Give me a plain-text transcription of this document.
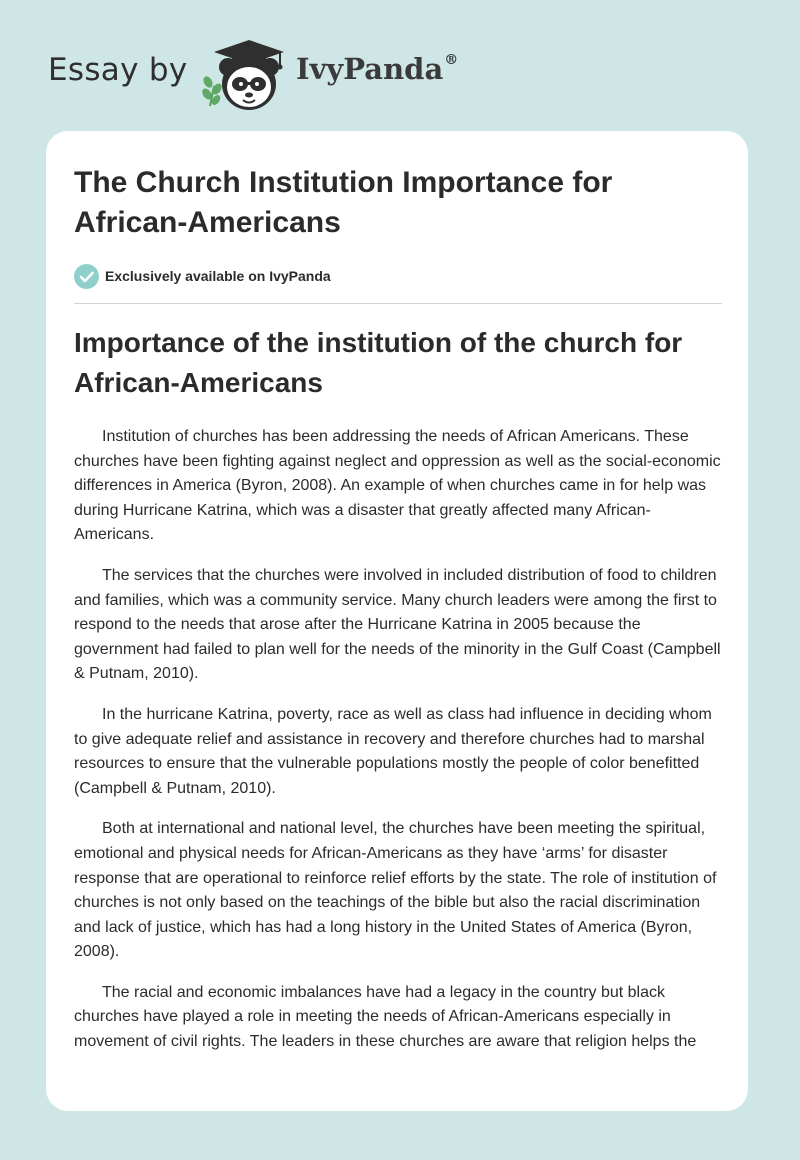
Essay by	IvyPanda®
The Church Institution Importance for African-Americans
Exclusively available on IvyPanda
Importance of the institution of the church for African-Americans

Institution of churches has been addressing the needs of African Americans. These churches have been fighting against neglect and oppression as well as the social-economic differences in America (Byron, 2008). An example of when churches came in for help was during Hurricane Katrina, which was a disaster that greatly affected many African-Americans.

The services that the churches were involved in included distribution of food to children and families, which was a community service. Many church leaders were among the first to respond to the needs that arose after the Hurricane Katrina in 2005 because the government had failed to plan well for the needs of the minority in the Gulf Coast (Campbell & Putnam, 2010).

In the hurricane Katrina, poverty, race as well as class had influence in deciding whom to give adequate relief and assistance in recovery and therefore churches had to marshal resources to ensure that the vulnerable populations mostly the people of color benefitted (Campbell & Putnam, 2010).

Both at international and national level, the churches have been meeting the spiritual, emotional and physical needs for African-Americans as they have ‘arms’ for disaster response that are operational to reinforce relief efforts by the state. The role of institution of churches is not only based on the teachings of the bible but also the racial discrimination and lack of justice, which has had a long history in the United States of America (Byron, 2008).

The racial and economic imbalances have had a legacy in the country but black churches have played a role in meeting the needs of African-Americans especially in movement of civil rights. The leaders in these churches are aware that religion helps the
